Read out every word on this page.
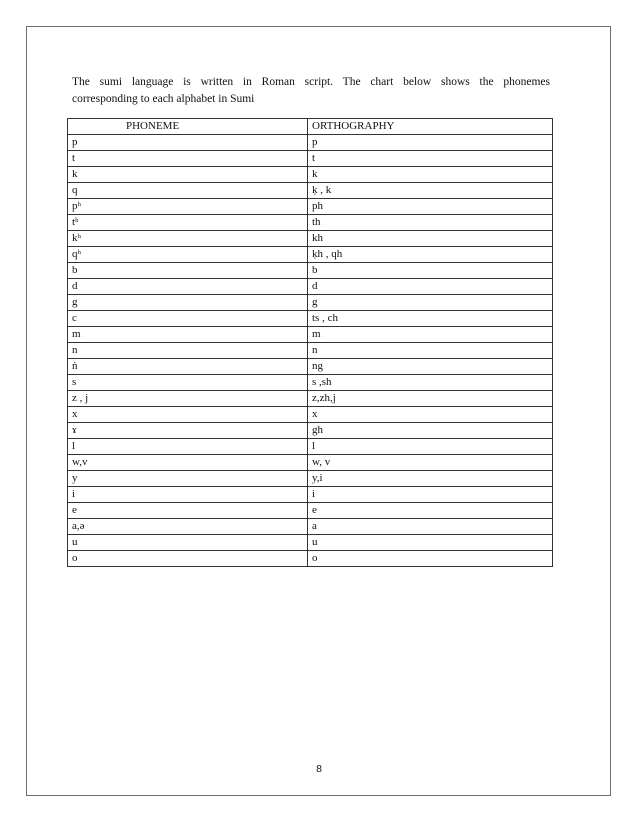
The sumi language is written in Roman script. The chart below shows the phonemes
corresponding to each alphabet in Sumi
PHONEME	ORTHOGRAPHY
p	p
t	t
k	k
q	ḳ , k
pʰ	ph
tʰ	th
kʰ	kh
qʰ	ḳh , qh
b	b
d	d
g	g
c	ts , ch
m	m
n	n
ṅ	ng
s	s ,sh
z , j	z,zh,j
x	x
ɤ	gh
l	l
w,v	w, v
y	y,i
i	i
e	e
a,ə	a
u	u
o	o
8
